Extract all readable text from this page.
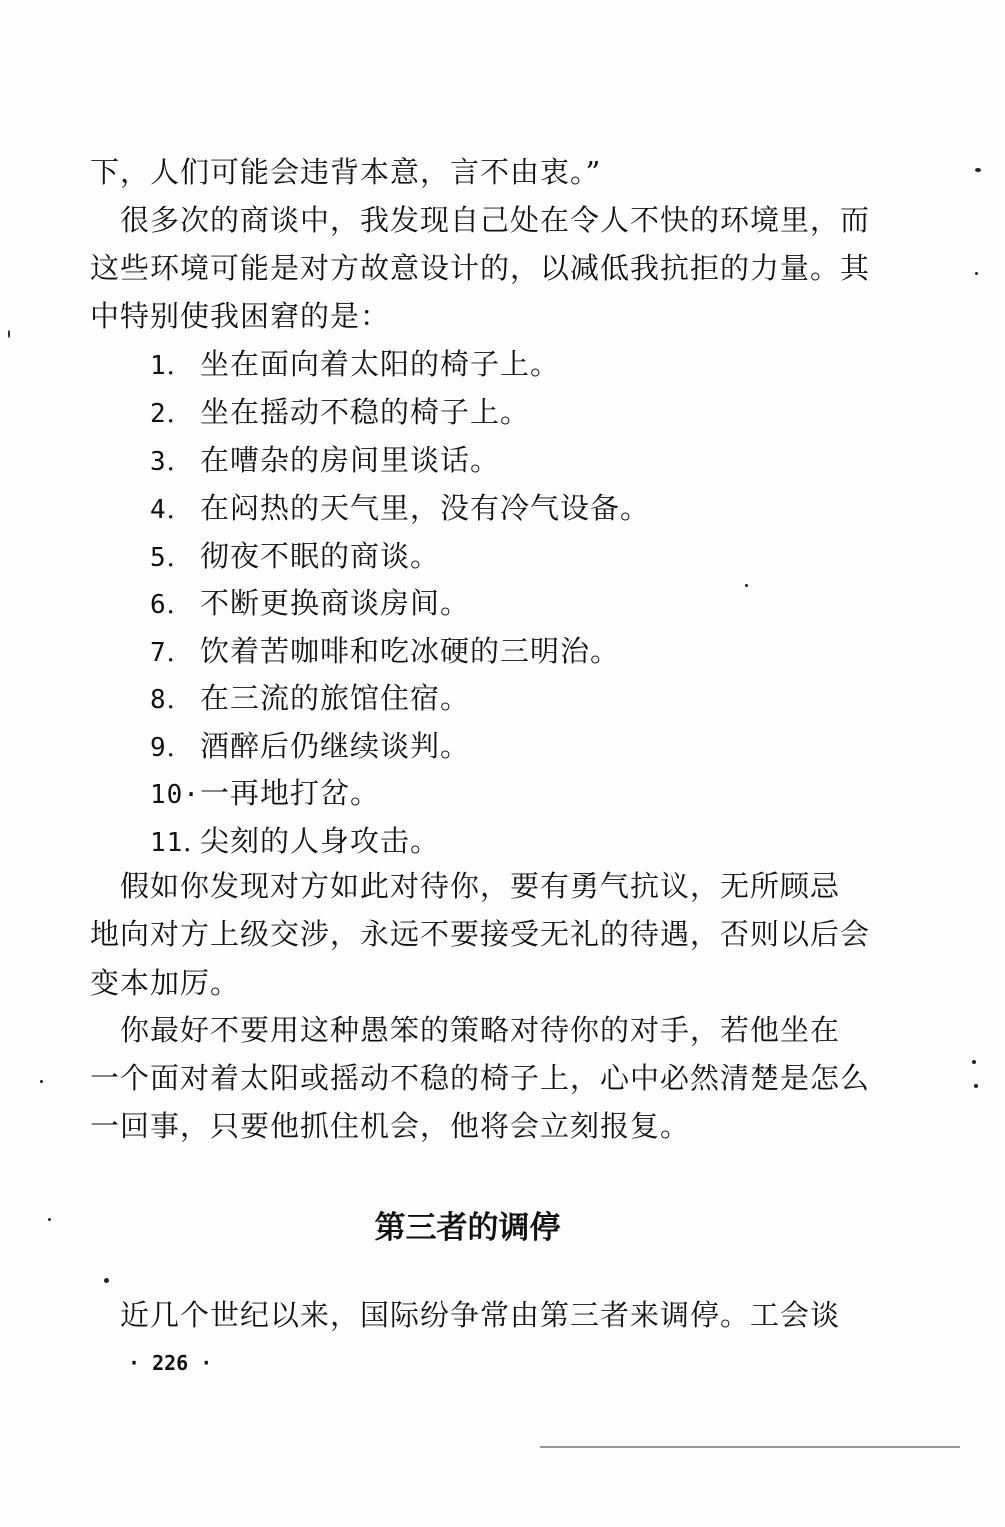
下，人们可能会违背本意，言不由衷。”
　很多次的商谈中，我发现自己处在令人不快的环境里，而
这些环境可能是对方故意设计的，以减低我抗拒的力量。其
中特别使我困窘的是：
1． 坐在面向着太阳的椅子上。
2． 坐在摇动不稳的椅子上。
3． 在嘈杂的房间里谈话。
4． 在闷热的天气里，没有冷气设备。
5． 彻夜不眠的商谈。
6． 不断更换商谈房间。
7． 饮着苦咖啡和吃冰硬的三明治。
8． 在三流的旅馆住宿。
9． 酒醉后仍继续谈判。
10·一再地打岔。
11．尖刻的人身攻击。
　假如你发现对方如此对待你，要有勇气抗议，无所顾忌
地向对方上级交涉，永远不要接受无礼的待遇，否则以后会
变本加厉。
　你最好不要用这种愚笨的策略对待你的对手，若他坐在
一个面对着太阳或摇动不稳的椅子上，心中必然清楚是怎么
一回事，只要他抓住机会，他将会立刻报复。
第三者的调停
　近几个世纪以来，国际纷争常由第三者来调停。工会谈
· 226 ·
